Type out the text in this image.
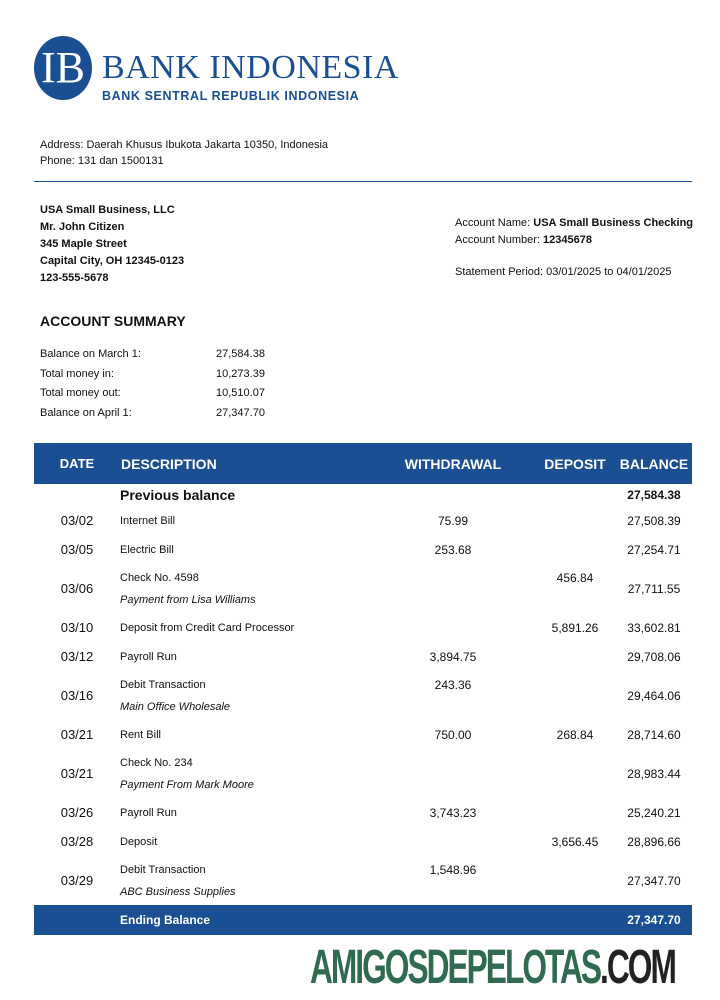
IB BANK INDONESIA
BANK SENTRAL REPUBLIK INDONESIA
Address: Daerah Khusus Ibukota Jakarta 10350, Indonesia
Phone: 131 dan 1500131
USA Small Business, LLC
Mr. John Citizen
345 Maple Street
Capital City, OH 12345-0123
123-555-5678
Account Name: USA Small Business Checking
Account Number: 12345678
Statement Period: 03/01/2025 to 04/01/2025
ACCOUNT SUMMARY
Balance on March 1:	27,584.38
Total money in:	10,273.39
Total money out:	10,510.07
Balance on April 1:	27,347.70
DATE	DESCRIPTION	WITHDRAWAL	DEPOSIT	BALANCE
	Previous balance			27,584.38
03/02	Internet Bill	75.99		27,508.39
03/05	Electric Bill	253.68		27,254.71
03/06	Check No. 4598
Payment from Lisa Williams		456.84	27,711.55
03/10	Deposit from Credit Card Processor		5,891.26	33,602.81
03/12	Payroll Run	3,894.75		29,708.06
03/16	Debit Transaction
Main Office Wholesale	243.36		29,464.06
03/21	Rent Bill	750.00	268.84	28,714.60
03/21	Check No. 234
Payment From Mark Moore			28,983.44
03/26	Payroll Run	3,743.23		25,240.21
03/28	Deposit		3,656.45	28,896.66
03/29	Debit Transaction
ABC Business Supplies	1,548.96		27,347.70
	Ending Balance			27,347.70
AMIGOSDEPELOTAS.COM
